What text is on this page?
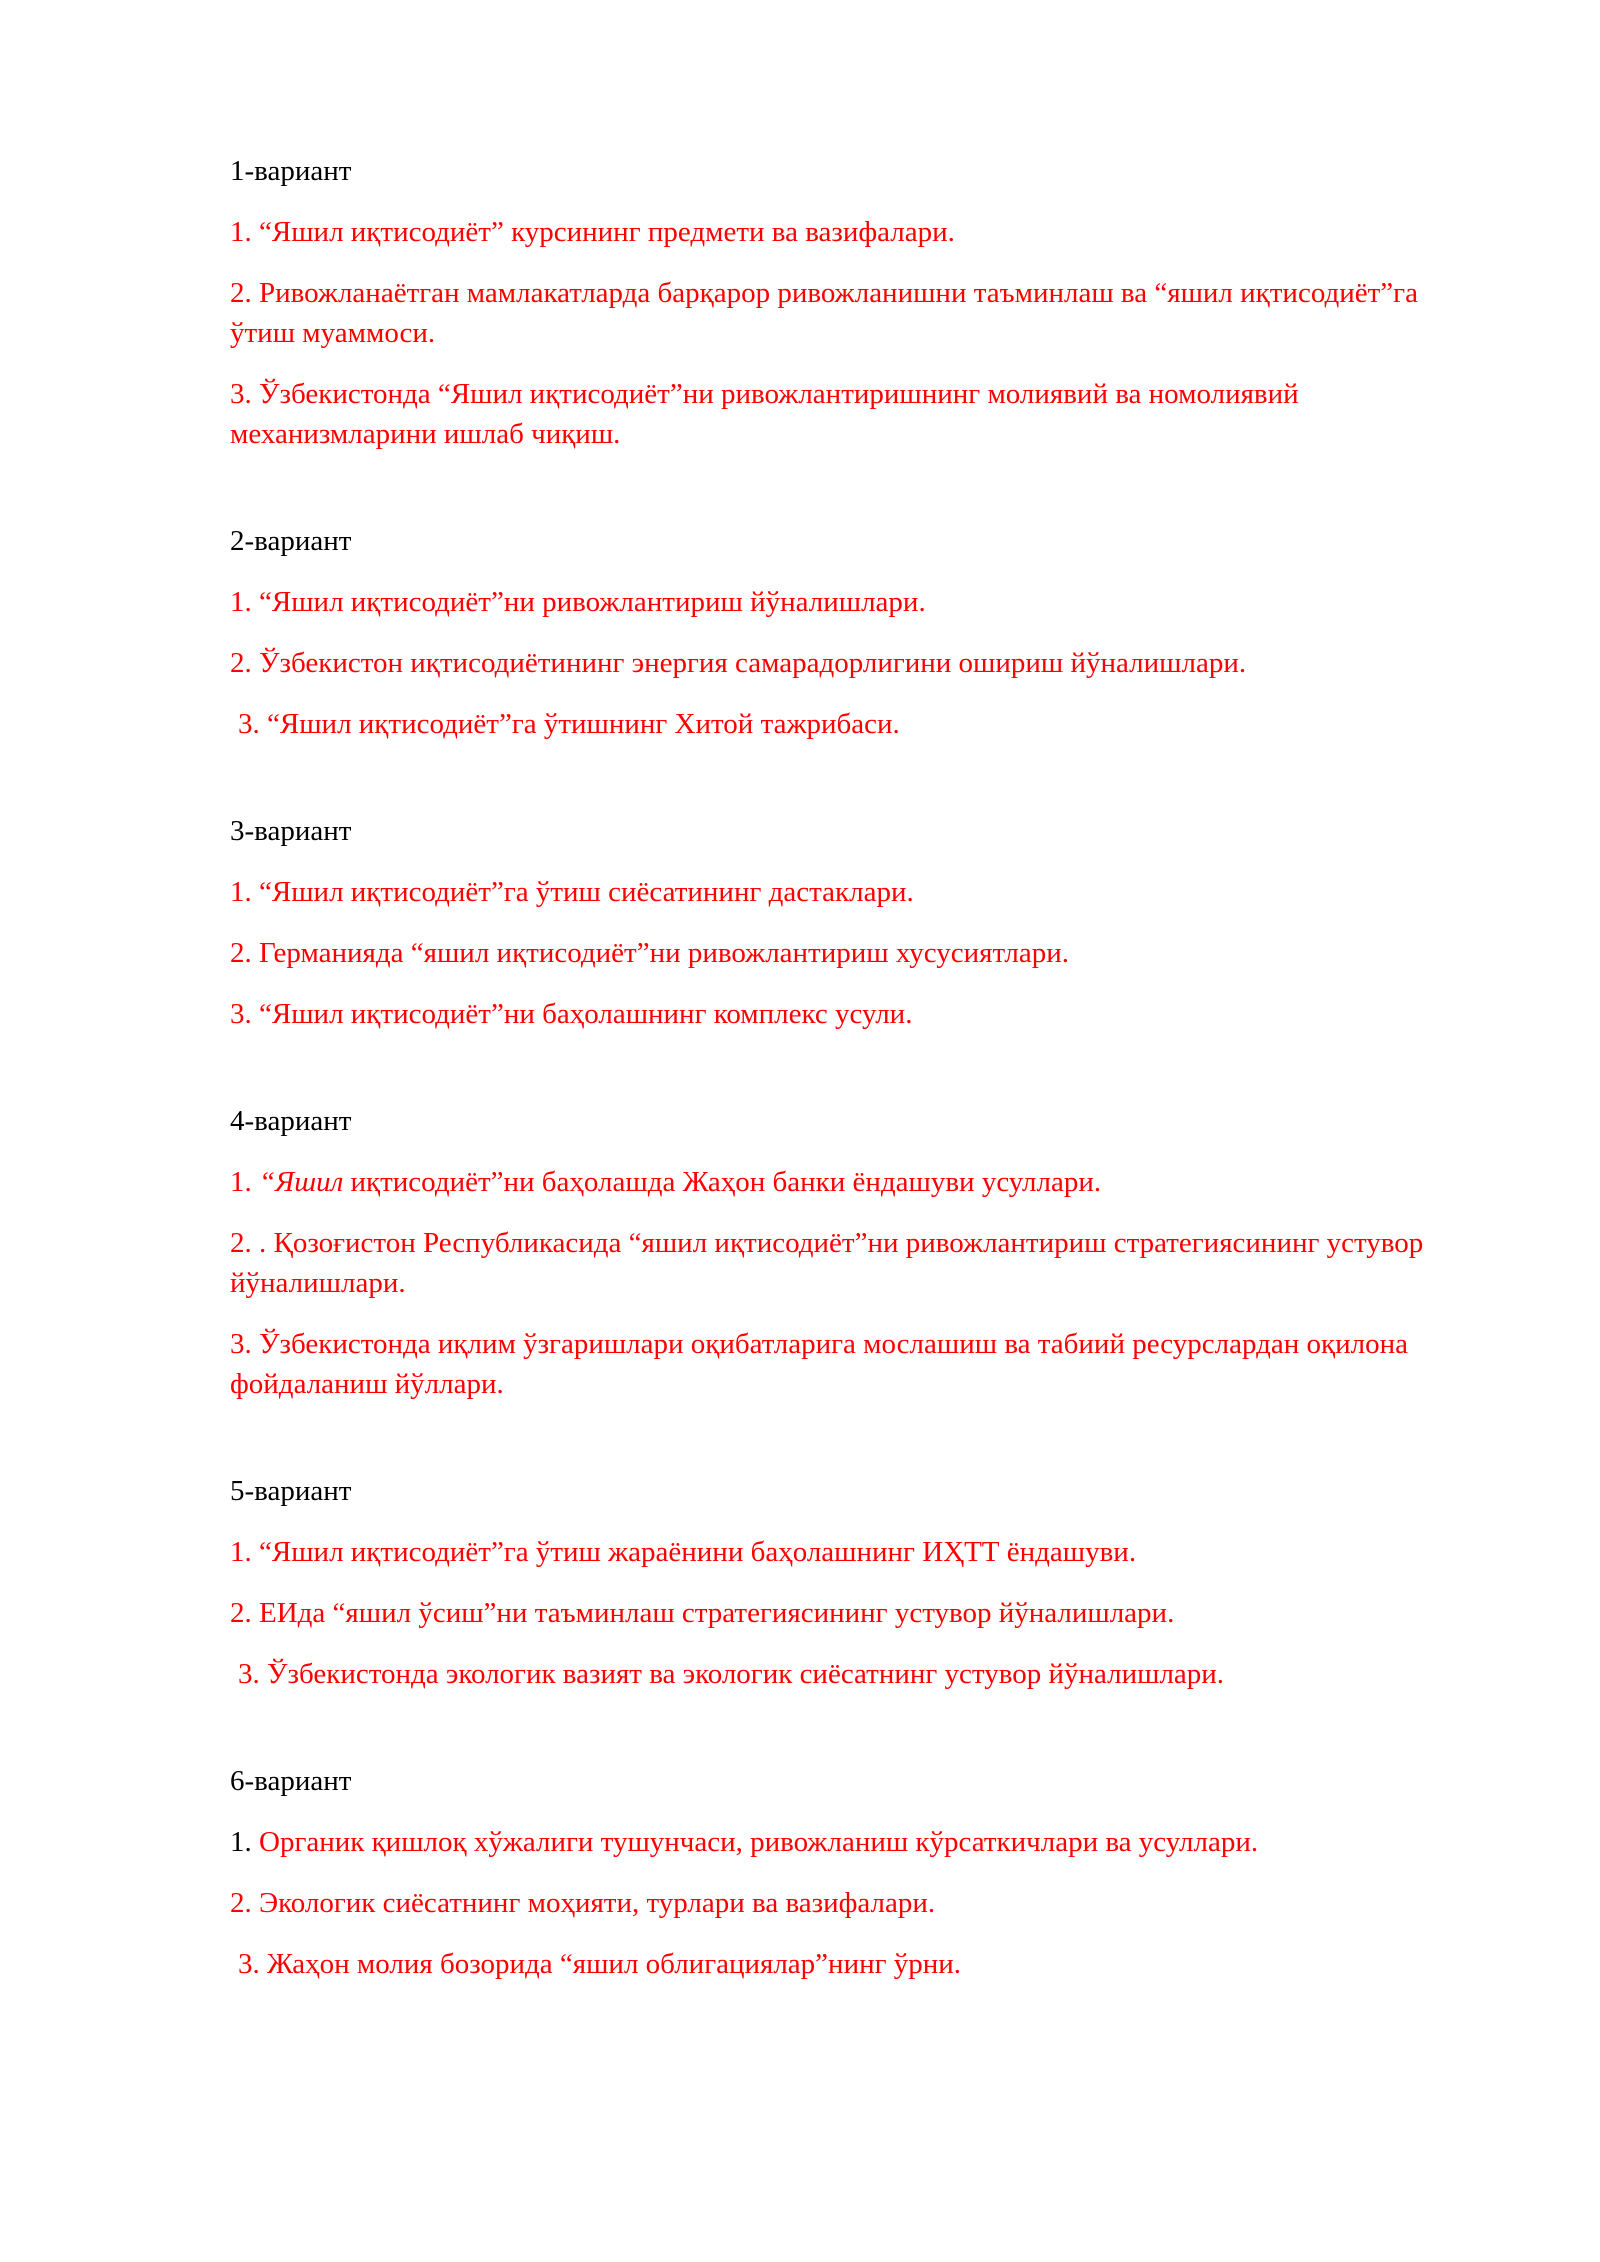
1-вариант

1. “Яшил иқтисодиёт” курсининг предмети ва вазифалари.

2. Ривожланаётган мамлакатларда барқарор ривожланишни таъминлаш ва “яшил иқтисодиёт”га ўтиш муаммоси.

3. Ўзбекистонда “Яшил иқтисодиёт”ни ривожлантиришнинг молиявий ва номолиявий механизмларини ишлаб чиқиш.

2-вариант

1. “Яшил иқтисодиёт”ни ривожлантириш йўналишлари.

2. Ўзбекистон иқтисодиётининг энергия самарадорлигини ошириш йўналишлари.

3. “Яшил иқтисодиёт”га ўтишнинг Хитой тажрибаси.

3-вариант

1. “Яшил иқтисодиёт”га ўтиш сиёсатининг дастаклари.

2. Германияда “яшил иқтисодиёт”ни ривожлантириш хусусиятлари.

3. “Яшил иқтисодиёт”ни баҳолашнинг комплекс усули.

4-вариант

1. “Яшил иқтисодиёт”ни баҳолашда Жаҳон банки ёндашуви усуллари.

2. . Қозоғистон Республикасида “яшил иқтисодиёт”ни ривожлантириш стратегиясининг устувор йўналишлари.

3. Ўзбекистонда иқлим ўзгаришлари оқибатларига мослашиш ва табиий ресурслардан оқилона фойдаланиш йўллари.

5-вариант

1. “Яшил иқтисодиёт”га ўтиш жараёнини баҳолашнинг ИҲТТ ёндашуви.

2. ЕИда “яшил ўсиш”ни таъминлаш стратегиясининг устувор йўналишлари.

3. Ўзбекистонда экологик вазият ва экологик сиёсатнинг устувор йўналишлари.

6-вариант

1. Органик қишлоқ хўжалиги тушунчаси, ривожланиш кўрсаткичлари ва усуллари.

2. Экологик сиёсатнинг моҳияти, турлари ва вазифалари.

3. Жаҳон молия бозорида “яшил облигациялар”нинг ўрни.
